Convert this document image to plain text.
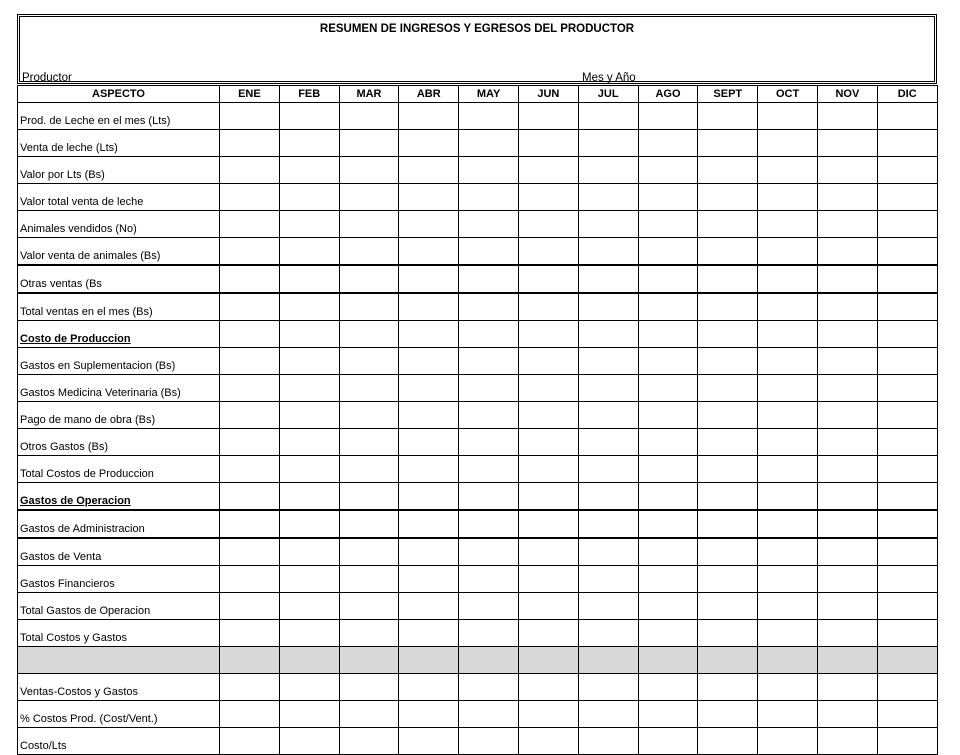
RESUMEN DE INGRESOS Y EGRESOS DEL PRODUCTOR
Productor	Mes y Año
ASPECTO	ENE	FEB	MAR	ABR	MAY	JUN	JUL	AGO	SEPT	OCT	NOV	DIC
Prod. de Leche en el mes (Lts)												
Venta de leche (Lts)												
Valor por Lts (Bs)												
Valor total venta de leche												
Animales vendidos (No)												
Valor venta de animales (Bs)												
Otras ventas (Bs												
Total ventas en el mes (Bs)												
Costo de Produccion												
Gastos en Suplementacion (Bs)												
Gastos Medicina Veterinaria (Bs)												
Pago de mano de obra (Bs)												
Otros Gastos (Bs)												
Total Costos de Produccion												
Gastos de Operacion												
Gastos de Administracion												
Gastos de Venta												
Gastos Financieros												
Total Gastos de Operacion												
Total Costos y Gastos												

Ventas-Costos y Gastos												
% Costos Prod. (Cost/Vent.)												
Costo/Lts												
